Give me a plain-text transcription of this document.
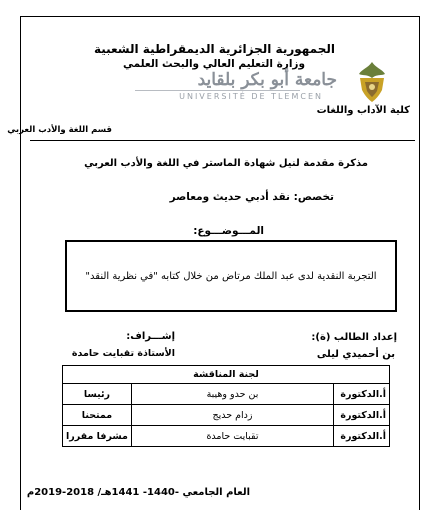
الجمهورية الجزائرية الديمقراطية الشعبية
وزارة التعليم العالي والبحث العلمي
جامعة أبو بكر بلقايد
UNIVERSITÉ DE TLEMCEN
كلية الآداب واللغات
قسم اللغة والأدب العربي
مذكرة مقدمة لنيل شهادة الماستر في اللغة والأدب العربي
تخصص: نقد أدبي حديث ومعاصر
المـــوضـــوع:
التجربة النقدية لدى عبد الملك مرتاض من خلال كتابه "في نظرية النقد"
إعداد الطالب (ة):
بن أحميدي ليلى
إشـــراف:
الأستاذة تقبايت حامدة
لجنة المناقشة		
أ.الدكتورة	بن حدو وهيبة	رئيسا
أ.الدكتورة	زدام حديج	ممتحنا
أ.الدكتورة	تقبايت حامدة	مشرفا مقررا
العام الجامعي -1440- 1441هـ/ 2018-2019م
